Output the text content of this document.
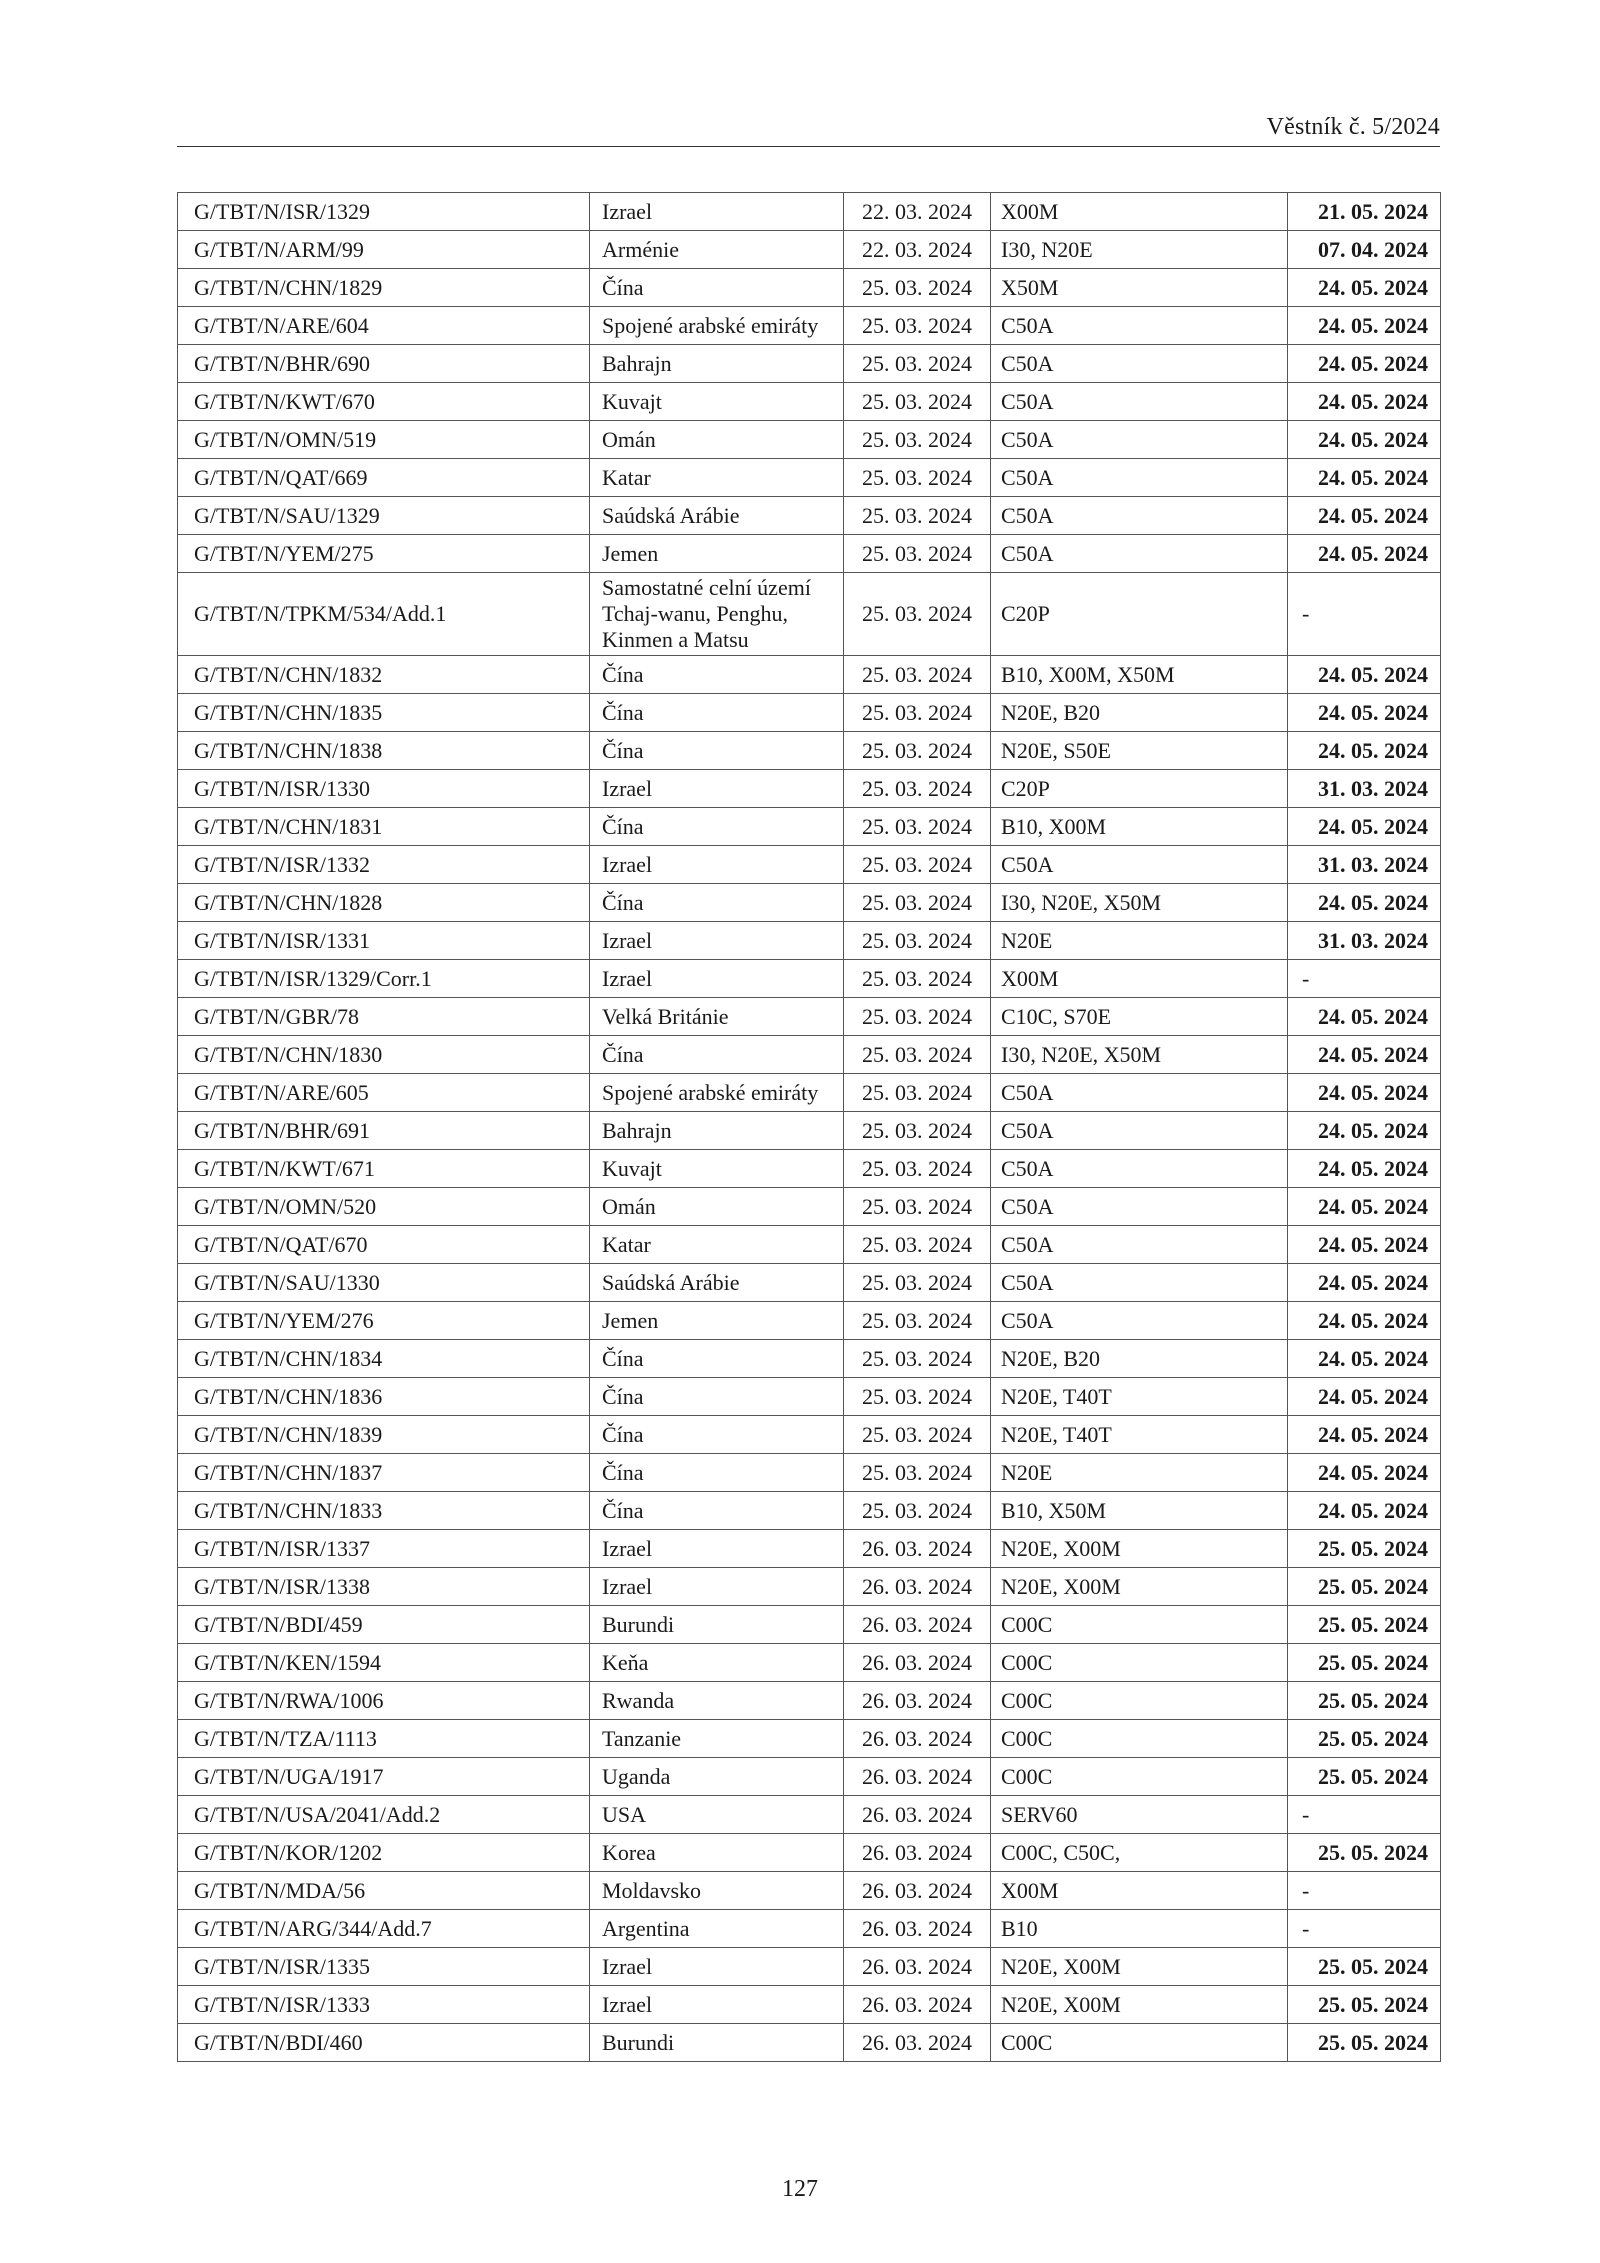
Věstník č. 5/2024
G/TBT/N/ISR/1329	Izrael	22. 03. 2024	X00M	21. 05. 2024
G/TBT/N/ARM/99	Arménie	22. 03. 2024	I30, N20E	07. 04. 2024
G/TBT/N/CHN/1829	Čína	25. 03. 2024	X50M	24. 05. 2024
G/TBT/N/ARE/604	Spojené arabské emiráty	25. 03. 2024	C50A	24. 05. 2024
G/TBT/N/BHR/690	Bahrajn	25. 03. 2024	C50A	24. 05. 2024
G/TBT/N/KWT/670	Kuvajt	25. 03. 2024	C50A	24. 05. 2024
G/TBT/N/OMN/519	Omán	25. 03. 2024	C50A	24. 05. 2024
G/TBT/N/QAT/669	Katar	25. 03. 2024	C50A	24. 05. 2024
G/TBT/N/SAU/1329	Saúdská Arábie	25. 03. 2024	C50A	24. 05. 2024
G/TBT/N/YEM/275	Jemen	25. 03. 2024	C50A	24. 05. 2024
G/TBT/N/TPKM/534/Add.1	Samostatné celní území Tchaj-wanu, Penghu, Kinmen a Matsu	25. 03. 2024	C20P	-
G/TBT/N/CHN/1832	Čína	25. 03. 2024	B10, X00M, X50M	24. 05. 2024
G/TBT/N/CHN/1835	Čína	25. 03. 2024	N20E, B20	24. 05. 2024
G/TBT/N/CHN/1838	Čína	25. 03. 2024	N20E, S50E	24. 05. 2024
G/TBT/N/ISR/1330	Izrael	25. 03. 2024	C20P	31. 03. 2024
G/TBT/N/CHN/1831	Čína	25. 03. 2024	B10, X00M	24. 05. 2024
G/TBT/N/ISR/1332	Izrael	25. 03. 2024	C50A	31. 03. 2024
G/TBT/N/CHN/1828	Čína	25. 03. 2024	I30, N20E, X50M	24. 05. 2024
G/TBT/N/ISR/1331	Izrael	25. 03. 2024	N20E	31. 03. 2024
G/TBT/N/ISR/1329/Corr.1	Izrael	25. 03. 2024	X00M	-
G/TBT/N/GBR/78	Velká Británie	25. 03. 2024	C10C, S70E	24. 05. 2024
G/TBT/N/CHN/1830	Čína	25. 03. 2024	I30, N20E, X50M	24. 05. 2024
G/TBT/N/ARE/605	Spojené arabské emiráty	25. 03. 2024	C50A	24. 05. 2024
G/TBT/N/BHR/691	Bahrajn	25. 03. 2024	C50A	24. 05. 2024
G/TBT/N/KWT/671	Kuvajt	25. 03. 2024	C50A	24. 05. 2024
G/TBT/N/OMN/520	Omán	25. 03. 2024	C50A	24. 05. 2024
G/TBT/N/QAT/670	Katar	25. 03. 2024	C50A	24. 05. 2024
G/TBT/N/SAU/1330	Saúdská Arábie	25. 03. 2024	C50A	24. 05. 2024
G/TBT/N/YEM/276	Jemen	25. 03. 2024	C50A	24. 05. 2024
G/TBT/N/CHN/1834	Čína	25. 03. 2024	N20E, B20	24. 05. 2024
G/TBT/N/CHN/1836	Čína	25. 03. 2024	N20E, T40T	24. 05. 2024
G/TBT/N/CHN/1839	Čína	25. 03. 2024	N20E, T40T	24. 05. 2024
G/TBT/N/CHN/1837	Čína	25. 03. 2024	N20E	24. 05. 2024
G/TBT/N/CHN/1833	Čína	25. 03. 2024	B10, X50M	24. 05. 2024
G/TBT/N/ISR/1337	Izrael	26. 03. 2024	N20E, X00M	25. 05. 2024
G/TBT/N/ISR/1338	Izrael	26. 03. 2024	N20E, X00M	25. 05. 2024
G/TBT/N/BDI/459	Burundi	26. 03. 2024	C00C	25. 05. 2024
G/TBT/N/KEN/1594	Keňa	26. 03. 2024	C00C	25. 05. 2024
G/TBT/N/RWA/1006	Rwanda	26. 03. 2024	C00C	25. 05. 2024
G/TBT/N/TZA/1113	Tanzanie	26. 03. 2024	C00C	25. 05. 2024
G/TBT/N/UGA/1917	Uganda	26. 03. 2024	C00C	25. 05. 2024
G/TBT/N/USA/2041/Add.2	USA	26. 03. 2024	SERV60	-
G/TBT/N/KOR/1202	Korea	26. 03. 2024	C00C, C50C,	25. 05. 2024
G/TBT/N/MDA/56	Moldavsko	26. 03. 2024	X00M	-
G/TBT/N/ARG/344/Add.7	Argentina	26. 03. 2024	B10	-
G/TBT/N/ISR/1335	Izrael	26. 03. 2024	N20E, X00M	25. 05. 2024
G/TBT/N/ISR/1333	Izrael	26. 03. 2024	N20E, X00M	25. 05. 2024
G/TBT/N/BDI/460	Burundi	26. 03. 2024	C00C	25. 05. 2024
127
